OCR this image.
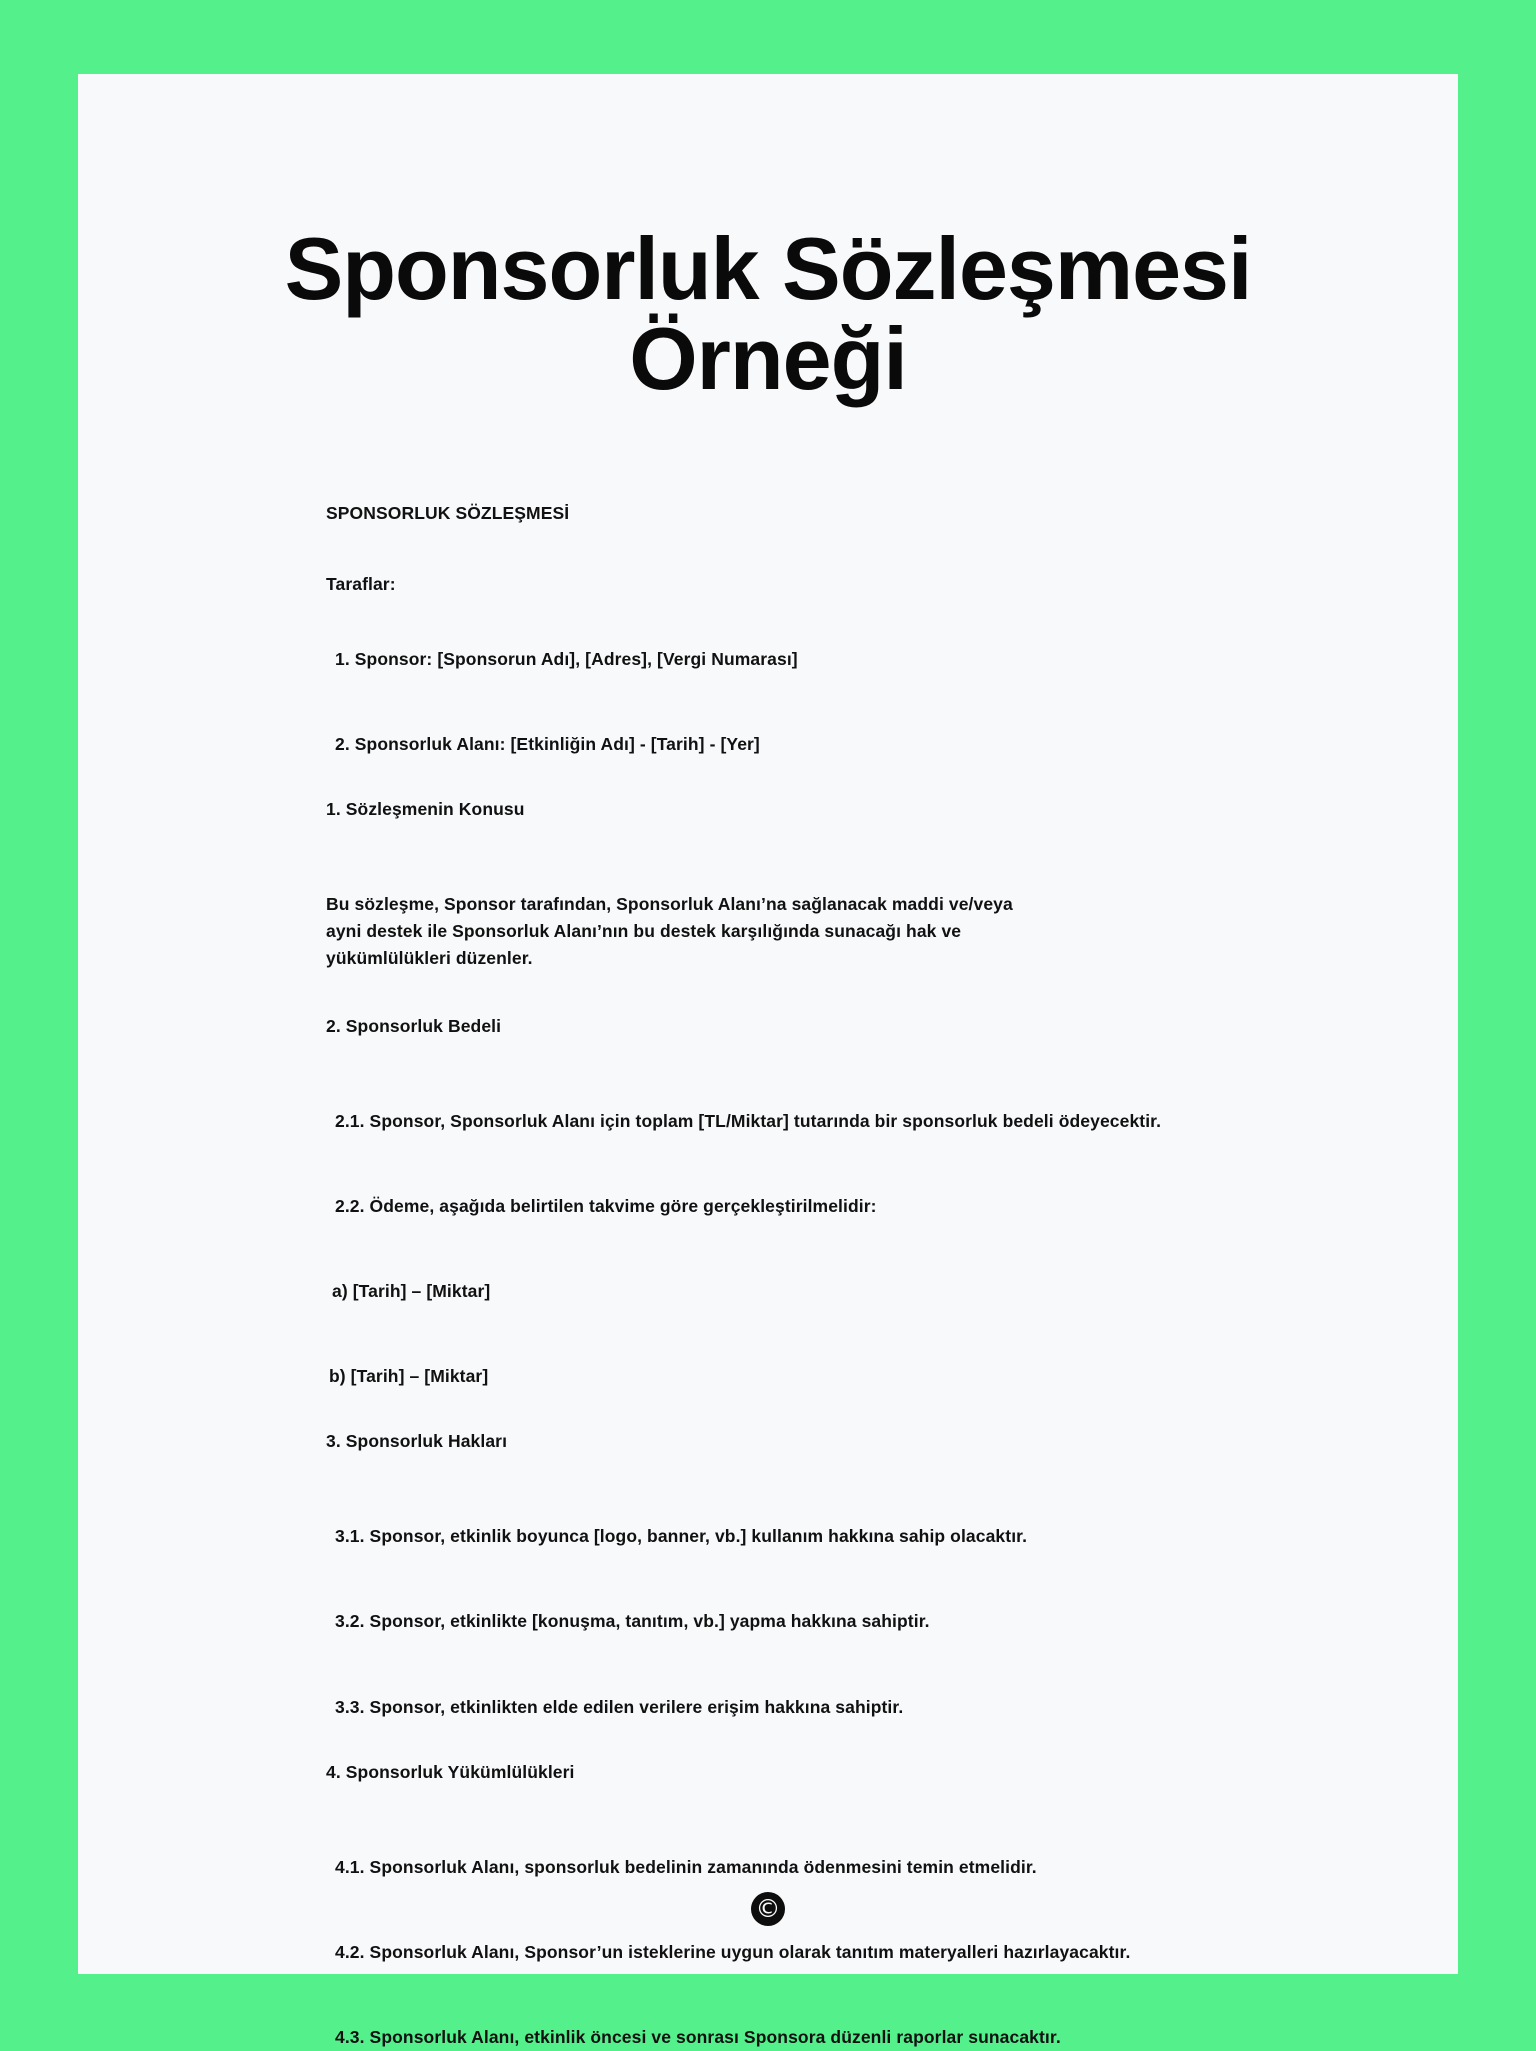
Sponsorluk Sözleşmesi Örneği
SPONSORLUK SÖZLEŞMESİ
Taraflar:
1. Sponsor: [Sponsorun Adı], [Adres], [Vergi Numarası]
2. Sponsorluk Alanı: [Etkinliğin Adı] - [Tarih] - [Yer]
1. Sözleşmenin Konusu
Bu sözleşme, Sponsor tarafından, Sponsorluk Alanı’na sağlanacak maddi ve/veya ayni destek ile Sponsorluk Alanı’nın bu destek karşılığında sunacağı hak ve yükümlülükleri düzenler.
2. Sponsorluk Bedeli
2.1. Sponsor, Sponsorluk Alanı için toplam [TL/Miktar] tutarında bir sponsorluk bedeli ödeyecektir.
2.2. Ödeme, aşağıda belirtilen takvime göre gerçekleştirilmelidir:
a) [Tarih] – [Miktar]
b) [Tarih] – [Miktar]
3. Sponsorluk Hakları
3.1. Sponsor, etkinlik boyunca [logo, banner, vb.] kullanım hakkına sahip olacaktır.
3.2. Sponsor, etkinlikte [konuşma, tanıtım, vb.] yapma hakkına sahiptir.
3.3. Sponsor, etkinlikten elde edilen verilere erişim hakkına sahiptir.
4. Sponsorluk Yükümlülükleri
4.1. Sponsorluk Alanı, sponsorluk bedelinin zamanında ödenmesini temin etmelidir.
4.2. Sponsorluk Alanı, Sponsor’un isteklerine uygun olarak tanıtım materyalleri hazırlayacaktır.
4.3. Sponsorluk Alanı, etkinlik öncesi ve sonrası Sponsora düzenli raporlar sunacaktır.
©
